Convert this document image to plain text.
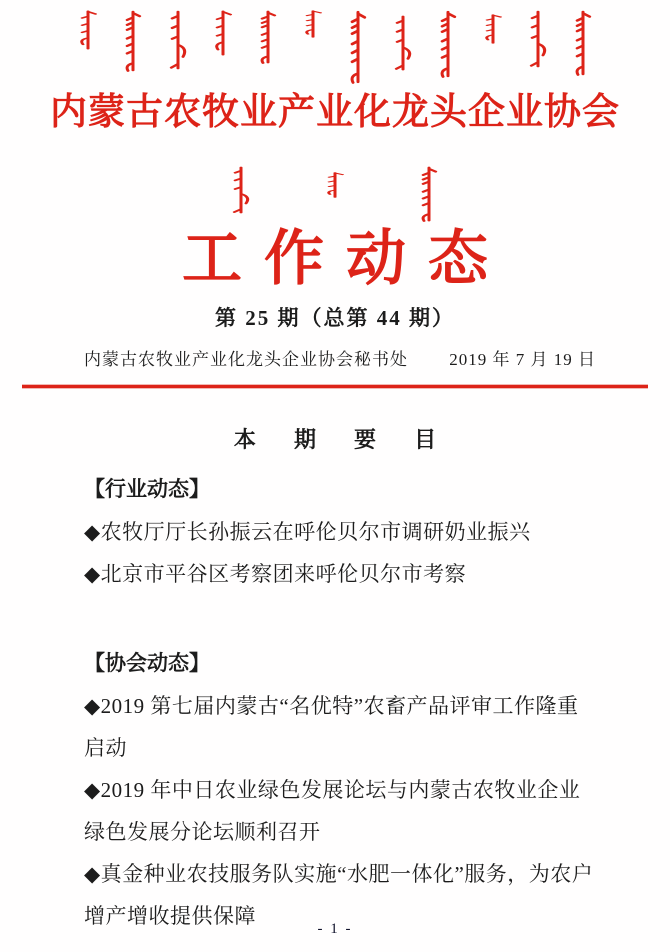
内蒙古农牧业产业化龙头企业协会
工作动态
第 25 期（总第 44 期）
内蒙古农牧业产业化龙头企业协会秘书处 2019 年 7 月 19 日
本 期 要 目
【行业动态】

◆农牧厅厅长孙振云在呼伦贝尔市调研奶业振兴

◆北京市平谷区考察团来呼伦贝尔市考察

【协会动态】

◆2019 第七届内蒙古“名优特”农畜产品评审工作隆重启动

◆2019 年中日农业绿色发展论坛与内蒙古农牧业企业绿色发展分论坛顺利召开

◆真金种业农技服务队实施“水肥一体化”服务，为农户增产增收提供保障

- 1 -
